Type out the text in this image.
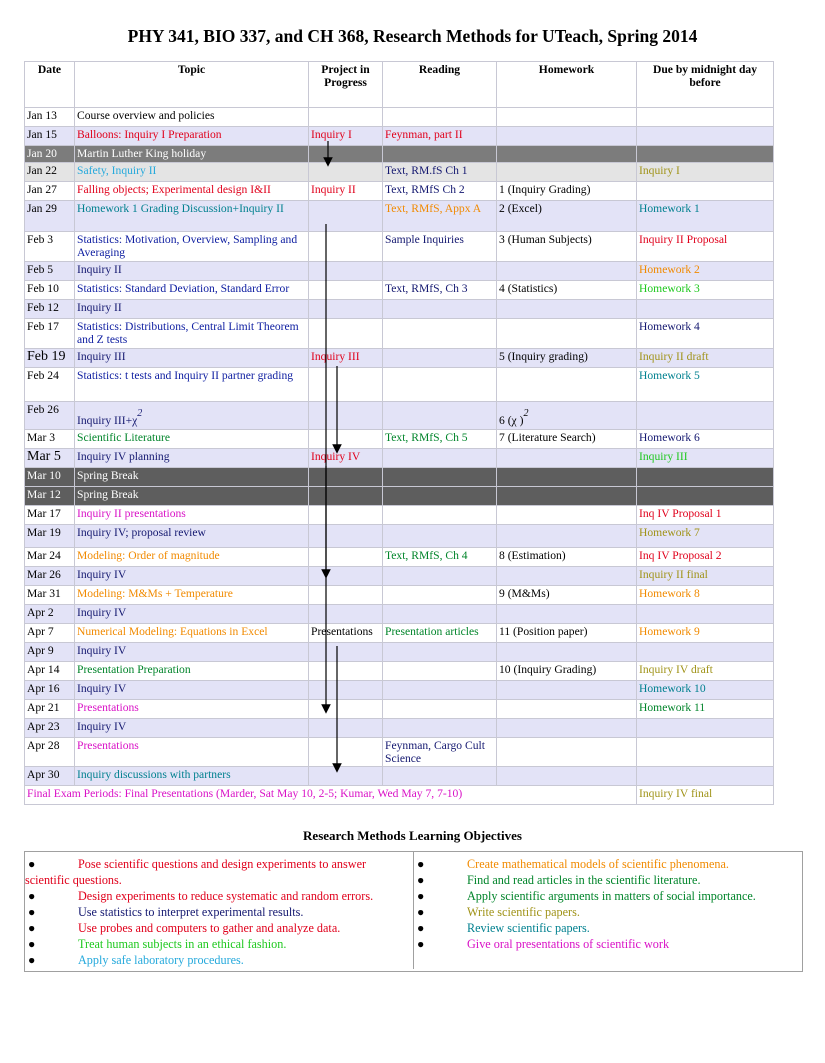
PHY 341, BIO 337, and CH 368, Research Methods for UTeach, Spring 2014
Date	Topic	Project in Progress	Reading	Homework	Due by midnight day before
Jan 13	Course overview and policies				
Jan 15	Balloons: Inquiry I Preparation	Inquiry I	Feynman, part II		
Jan 20	Martin Luther King holiday				
Jan 22	Safety, Inquiry II		Text, RM.fS Ch 1		Inquiry I
Jan 27	Falling objects; Experimental design I&II	Inquiry II	Text, RMfS Ch 2	1 (Inquiry Grading)	
Jan 29	Homework 1 Grading Discussion+Inquiry II		Text, RMfS, Appx A	2 (Excel)	Homework 1
Feb 3	Statistics: Motivation, Overview, Sampling and Averaging		Sample Inquiries	3 (Human Subjects)	Inquiry II Proposal
Feb 5	Inquiry II				Homework 2
Feb 10	Statistics: Standard Deviation, Standard Error		Text, RMfS, Ch 3	4 (Statistics)	Homework 3
Feb 12	Inquiry II				
Feb 17	Statistics: Distributions, Central Limit Theorem and Z tests				Homework 4
Feb 19	Inquiry III	Inquiry III		5 (Inquiry grading)	Inquiry II draft
Feb 24	Statistics: t tests and Inquiry II partner grading				Homework 5
Feb 26	Inquiry III+χ2			6 (χ )2	
Mar 3	Scientific Literature		Text, RMfS, Ch 5	7 (Literature Search)	Homework 6
Mar 5	Inquiry IV planning	Inquiry IV			Inquiry III
Mar 10	Spring Break				
Mar 12	Spring Break				
Mar 17	Inquiry II presentations				Inq IV Proposal 1
Mar 19	Inquiry IV; proposal review				Homework 7
Mar 24	Modeling: Order of magnitude		Text, RMfS, Ch 4	8 (Estimation)	Inq IV Proposal 2
Mar 26	Inquiry IV				Inquiry II final
Mar 31	Modeling: M&Ms + Temperature			9 (M&Ms)	Homework 8
Apr 2	Inquiry IV				
Apr 7	Numerical Modeling: Equations in Excel	Presentations	Presentation articles	11 (Position paper)	Homework 9
Apr 9	Inquiry IV				
Apr 14	Presentation Preparation			10 (Inquiry Grading)	Inquiry IV draft
Apr 16	Inquiry IV				Homework 10
Apr 21	Presentations				Homework 11
Apr 23	Inquiry IV				
Apr 28	Presentations		Feynman, Cargo Cult Science		
Apr 30	Inquiry discussions with partners				
Final Exam Periods: Final Presentations (Marder, Sat May 10, 2-5; Kumar, Wed May 7, 7-10)					Inquiry IV final
Research Methods Learning Objectives
●	Pose scientific questions and design experiments to answer scientific questions.
●	Design experiments to reduce systematic and random errors.
●	Use statistics to interpret experimental results.
●	Use probes and computers to gather and analyze data.
●	Treat human subjects in an ethical fashion.
●	Apply safe laboratory procedures.
●	Create mathematical models of scientific phenomena.
●	Find and read articles in the scientific literature.
●	Apply scientific arguments in matters of social importance.
●	Write scientific papers.
●	Review scientific papers.
●	Give oral presentations of scientific work
